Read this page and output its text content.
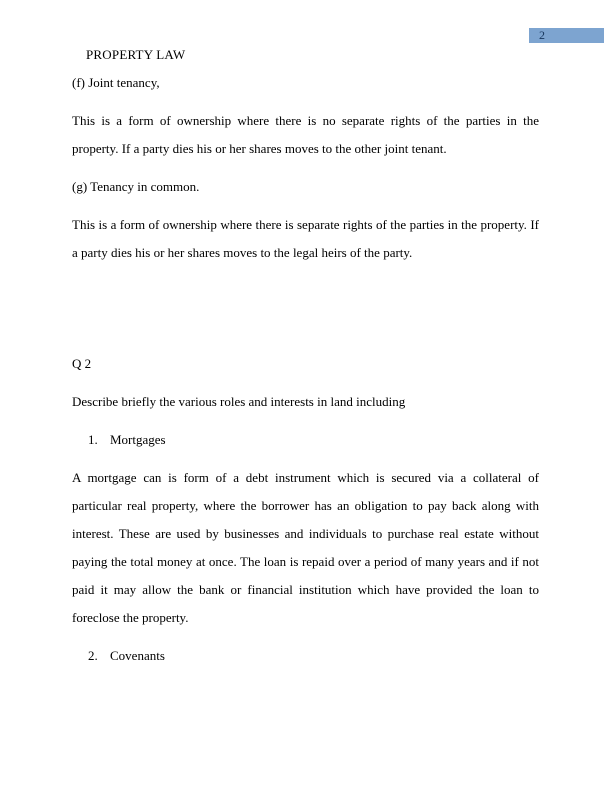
2
PROPERTY LAW

(f) Joint tenancy,

This is a form of ownership where there is no separate rights of the parties in the property. If a party dies his or her shares moves to the other joint tenant.

(g) Tenancy in common.

This is a form of ownership where there is separate rights of the parties in the property. If a party dies his or her shares moves to the legal heirs of the party.

Q 2

Describe briefly the various roles and interests in land including

1. Mortgages

A mortgage can is form of a debt instrument which is secured via a collateral of particular real property, where the borrower has an obligation to pay back along with interest. These are used by businesses and individuals to purchase real estate without paying the total money at once. The loan is repaid over a period of many years and if not paid it may allow the bank or financial institution which have provided the loan to foreclose the property.

2. Covenants
